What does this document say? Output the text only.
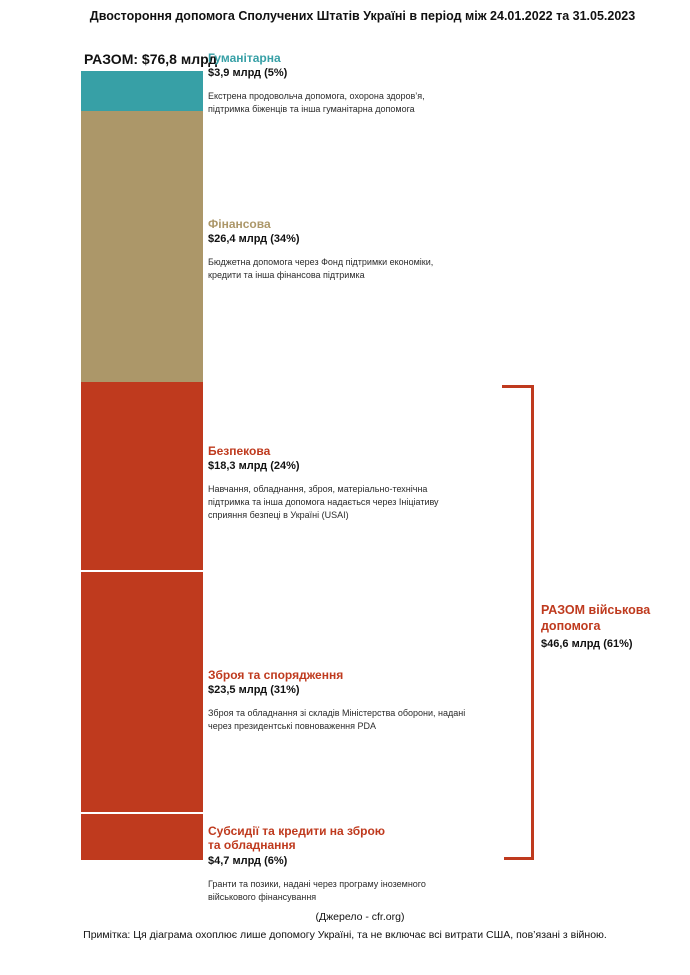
Двостороння допомога Сполучених Штатів Україні в період між 24.01.2022 та 31.05.2023
РАЗОМ: $76,8 млрд
Гуманітарна
$3,9 млрд (5%)
Екстрена продовольча допомога, охорона здоров’я, підтримка біженців та інша гуманітарна допомога
Фінансова
$26,4 млрд (34%)
Бюджетна допомога через Фонд підтримки економіки, кредити та інша фінансова підтримка
Безпекова
$18,3 млрд (24%)
Навчання, обладнання, зброя, матеріально-технічна підтримка та інша допомога надається через Ініціативу сприяння безпеці в Україні (USAI)
Зброя та спорядження
$23,5 млрд (31%)
Зброя та обладнання зі складів Міністерства оборони, надані через президентські повноваження PDA
Субсидії та кредити на зброю та обладнання
$4,7 млрд (6%)
Гранти та позики, надані через програму іноземного військового фінансування
РАЗОМ військова допомога
$46,6 млрд (61%)
(Джерело - cfr.org)
Примітка: Ця діаграма охоплює лише допомогу Україні, та не включає всі витрати США, пов’язані з війною.
